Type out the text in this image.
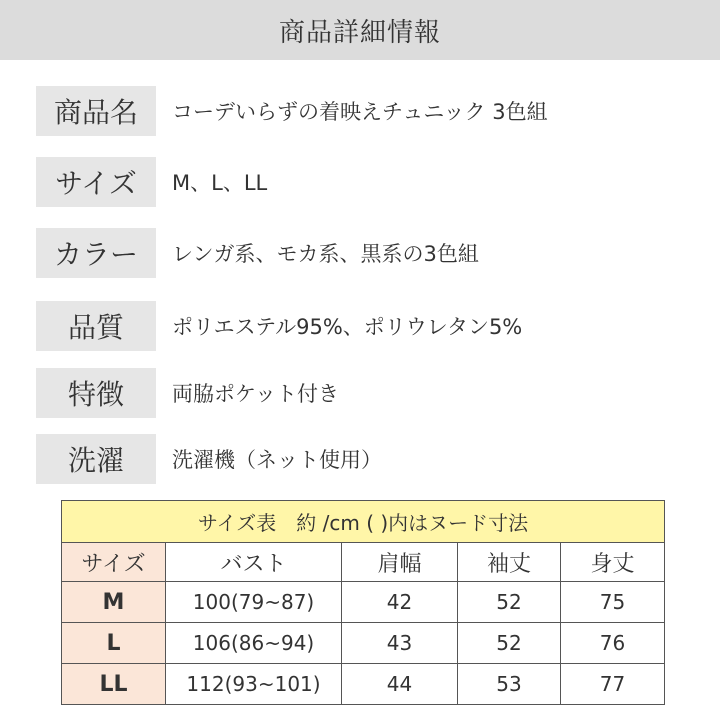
商品詳細情報
商品名	コーデいらずの着映えチュニック 3色組
サイズ	M、L、LL
カラー	レンガ系、モカ系、黒系の3色組
品質	ポリエステル95%、ポリウレタン5%
特徴	両脇ポケット付き
洗濯	洗濯機（ネット使用）
サイズ表　約 /cm ( )内はヌード寸法				
サイズ	バスト	肩幅	袖丈	身丈
M	100(79~87)	42	52	75
L	106(86~94)	43	52	76
LL	112(93~101)	44	53	77
